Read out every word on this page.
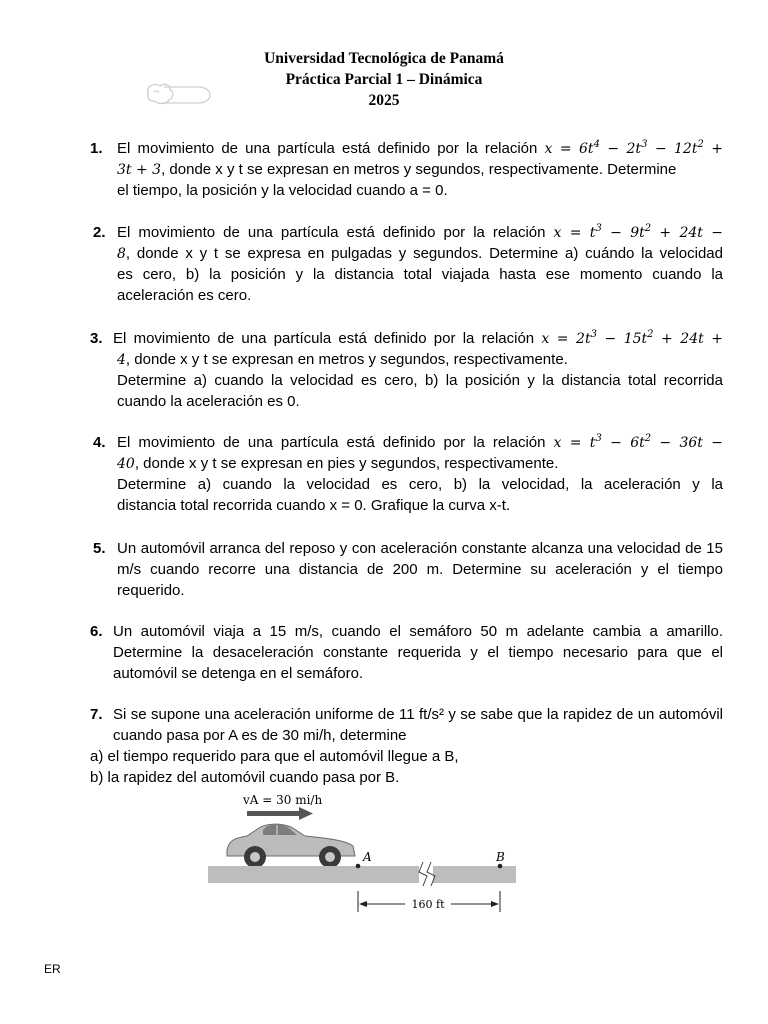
Universidad Tecnológica de Panamá
Práctica Parcial 1 – Dinámica
2025
1. El movimiento de una partícula está definido por la relación $x = 6t^4 - 2t^3 - 12t^2$ +
3t + 3, donde x y t se expresan en metros y segundos, respectivamente. Determine
el tiempo, la posición y la velocidad cuando a = 0.
2. El movimiento de una partícula está definido por la relación $x = t^3 - 9t^2 + 24t$ −
8, donde x y t se expresa en pulgadas y segundos. Determine a) cuándo la velocidad
es cero, b) la posición y la distancia total viajada hasta ese momento cuando la
aceleración es cero.
3. El movimiento de una partícula está definido por la relación $x = 2t^3 - 15t^2 + 24t$ +
4, donde x y t se expresan en metros y segundos, respectivamente.
Determine a) cuando la velocidad es cero, b) la posición y la distancia total recorrida
cuando la aceleración es 0.
4. El movimiento de una partícula está definido por la relación $x = t^3 - 6t^2 - 36t$ −
40, donde x y t se expresan en pies y segundos, respectivamente.
Determine a) cuando la velocidad es cero, b) la velocidad, la aceleración y la
distancia total recorrida cuando x = 0. Grafique la curva x-t.
5. Un automóvil arranca del reposo y con aceleración constante alcanza una velocidad de 15 m/s cuando recorre una distancia de 200 m. Determine su aceleración y el tiempo requerido.
6. Un automóvil viaja a 15 m/s, cuando el semáforo 50 m adelante cambia a amarillo. Determine la desaceleración constante requerida y el tiempo necesario para que el automóvil se detenga en el semáforo.
7. Si se supone una aceleración uniforme de 11 ft/s² y se sabe que la rapidez de un automóvil cuando pasa por A es de 30 mi/h, determine
a) el tiempo requerido para que el automóvil llegue a B,
b) la rapidez del automóvil cuando pasa por B.
vA = 30 mi/h
A	B
160 ft
ER
